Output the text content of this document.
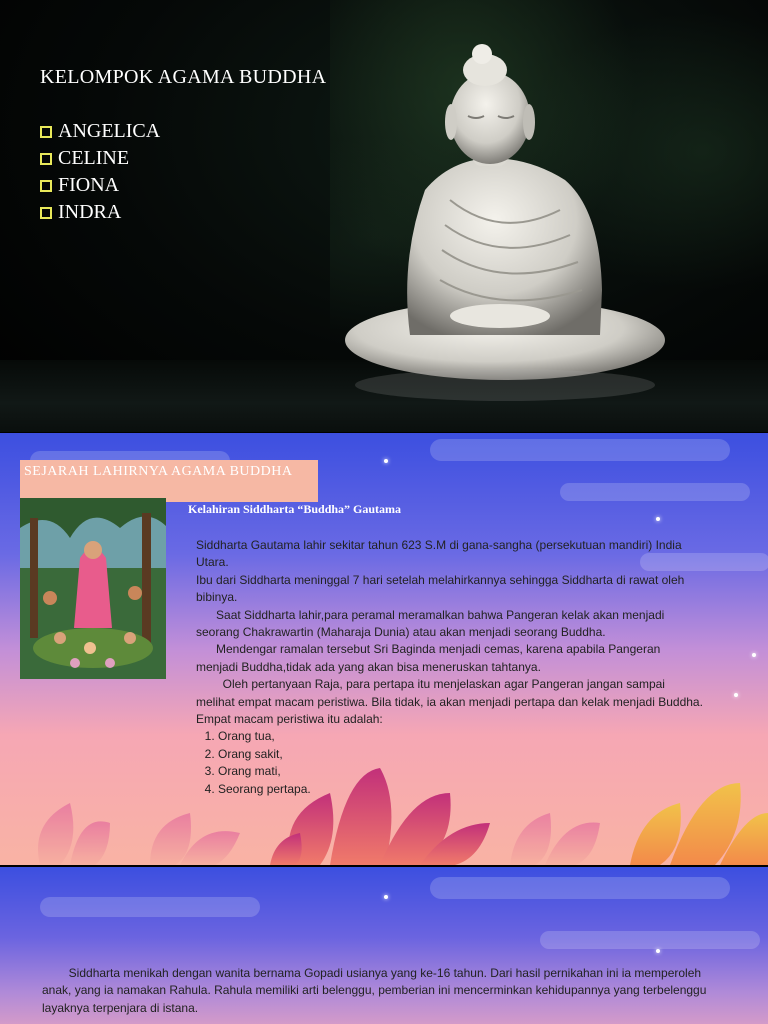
KELOMPOK AGAMA BUDDHA
ANGELICA
CELINE
FIONA
INDRA
SEJARAH LAHIRNYA AGAMA BUDDHA
Kelahiran Siddharta “Buddha” Gautama

Siddharta Gautama lahir sekitar tahun 623 S.M di gana-sangha (persekutuan mandiri) India Utara.

Ibu dari Siddharta meninggal 7 hari setelah melahirkannya sehingga Siddharta di rawat oleh bibinya.

Saat Siddharta lahir,para peramal meramalkan bahwa Pangeran kelak akan menjadi seorang Chakrawartin (Maharaja Dunia) atau akan menjadi seorang Buddha.

Mendengar ramalan tersebut Sri Baginda menjadi cemas, karena apabila Pangeran menjadi Buddha,tidak ada yang akan bisa meneruskan tahtanya.

Oleh pertanyaan Raja, para pertapa itu menjelaskan agar Pangeran jangan sampai melihat empat macam peristiwa. Bila tidak, ia akan menjadi pertapa dan kelak menjadi Buddha. Empat macam peristiwa itu adalah:

1. Orang tua,
2. Orang sakit,
3. Orang mati,
4. Seorang pertapa.

Siddharta menikah dengan wanita bernama Gopadi usianya yang ke-16 tahun. Dari hasil pernikahan ini ia memperoleh anak, yang ia namakan Rahula. Rahula memiliki arti belenggu, pemberian ini mencerminkan kehidupannya yang terbelenggu layaknya terpenjara di istana.
